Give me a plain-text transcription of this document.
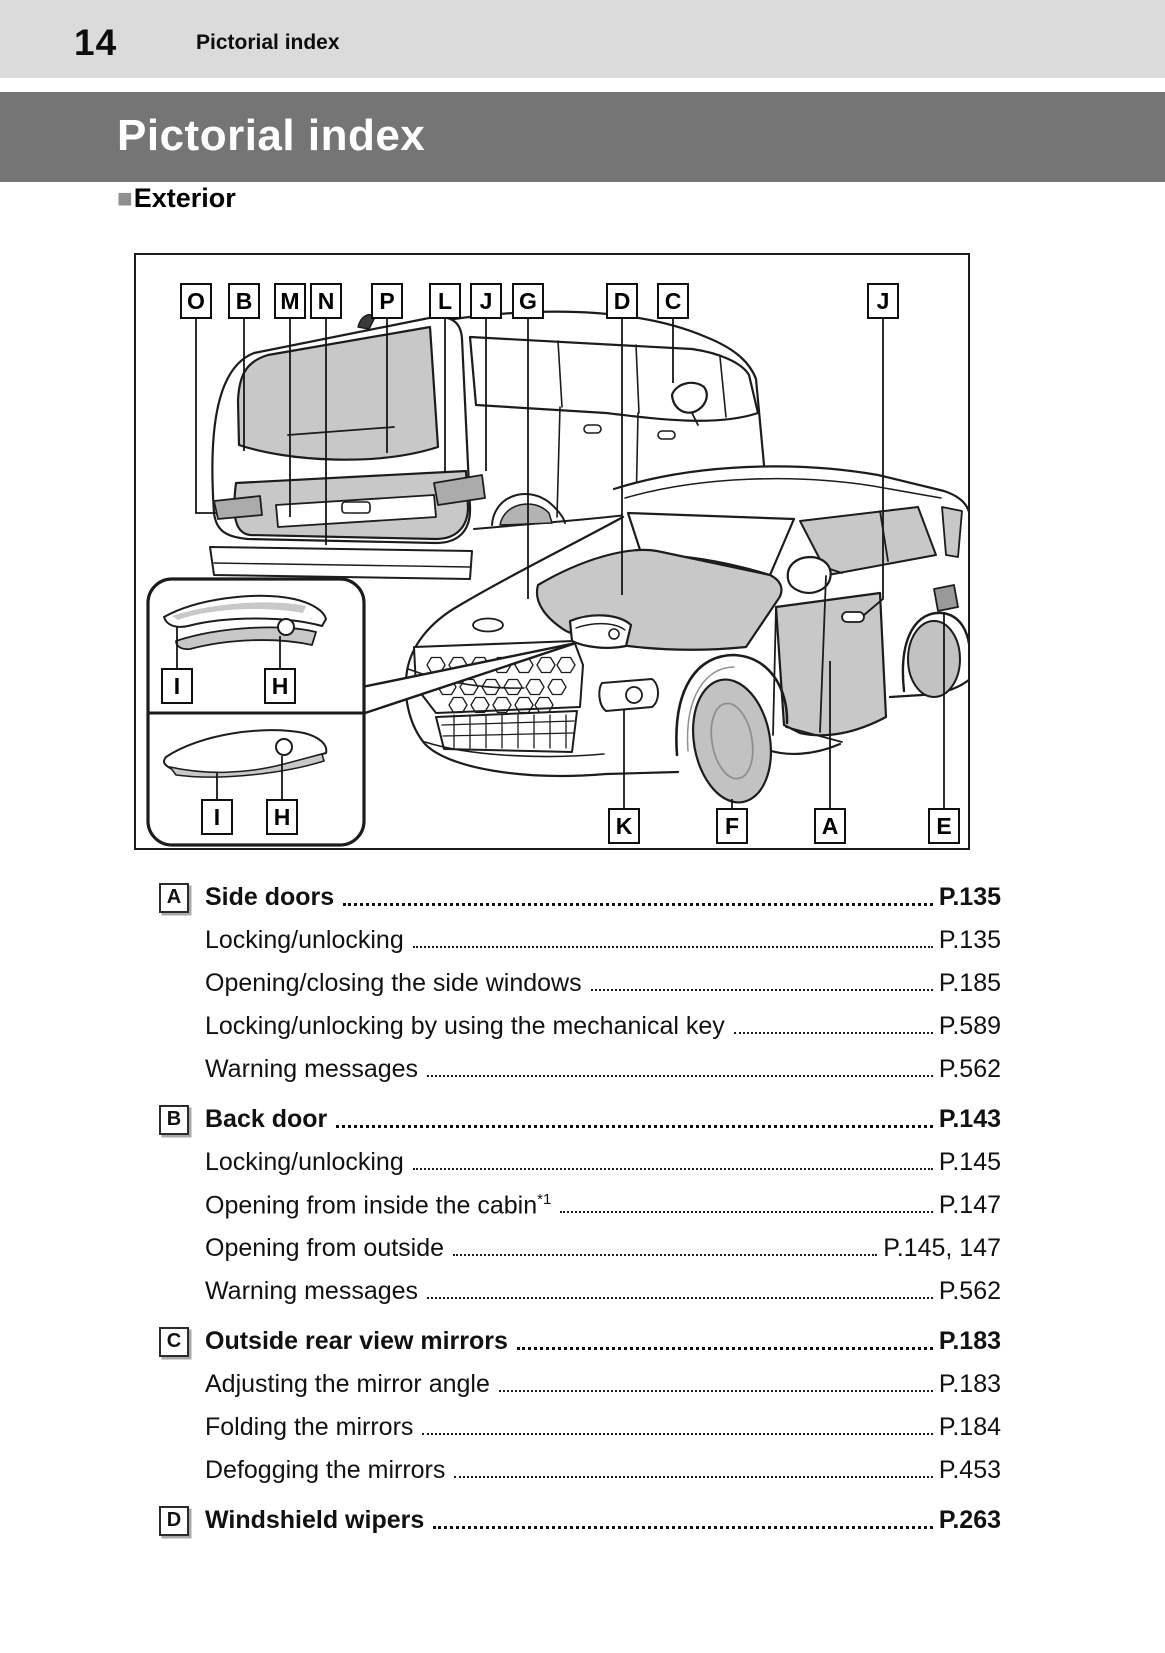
14	Pictorial index
Pictorial index
■ Exterior
O	B	M N	P	L	J	G	D	C	J
K	F	A	E
I	H
I	H
A Side doors	P.135
Locking/unlocking	P.135
Opening/closing the side windows	P.185
Locking/unlocking by using the mechanical key	P.589
Warning messages	P.562
B Back door	P.143
Locking/unlocking	P.145
Opening from inside the cabin$^{*1}$	P.147
Opening from outside	P.145, 147
Warning messages	P.562
C Outside rear view mirrors	P.183
Adjusting the mirror angle	P.183
Folding the mirrors	P.184
Defogging the mirrors	P.453
D Windshield wipers	P.263
